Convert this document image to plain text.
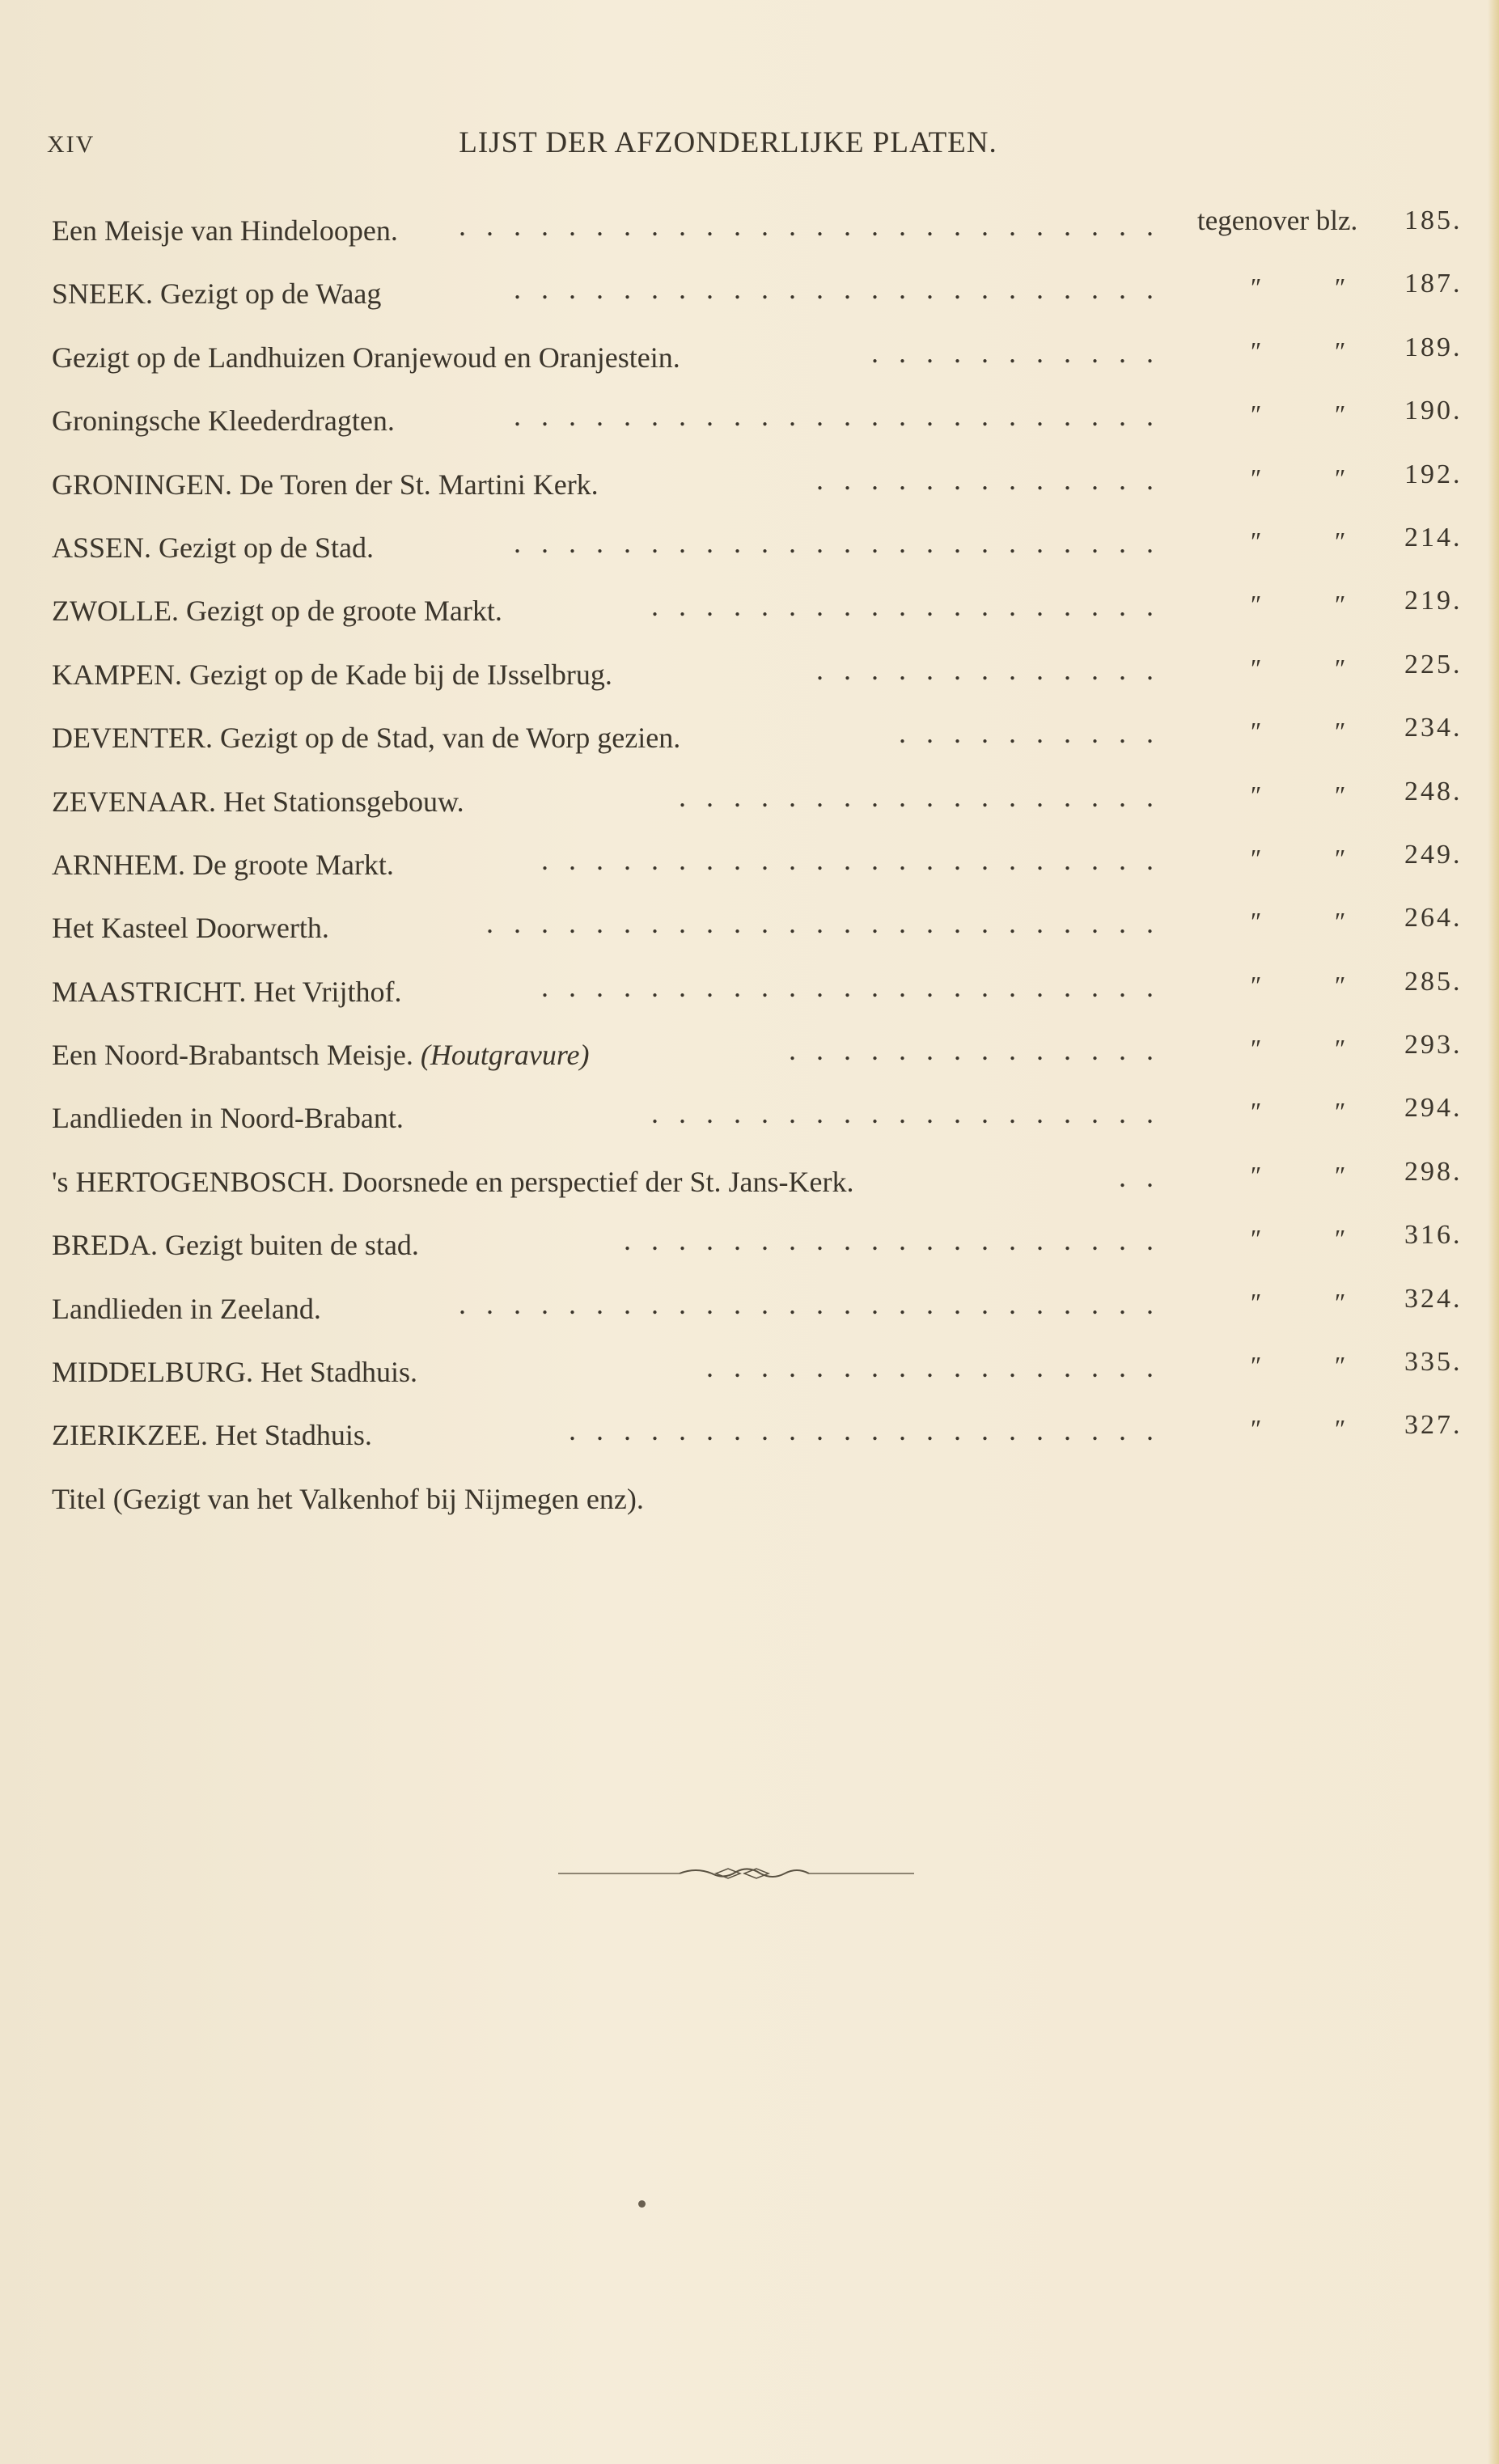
XIV	LIJST DER AFZONDERLIJKE PLATEN.
Een Meisje van Hindeloopen. . . . . . . . . . . . . . . . . . . . . . . . . . . tegenover blz. 185.
SNEEK. Gezigt op de Waag	. . . . . . . . . . . . . . . . . . . . . . . .	″	″ 187.
Gezigt op de Landhuizen Oranjewoud en Oranjestein.	. . . . . . . . . . .	″	″ 189.
Groningsche Kleederdragten.	. . . . . . . . . . . . . . . . . . . . . . . .	″	″ 190.
GRONINGEN. De Toren der St. Martini Kerk.	. . . . . . . . . . . . .	″	″ 192.
ASSEN. Gezigt op de Stad.	. . . . . . . . . . . . . . . . . . . . . . . .	″	″ 214.
ZWOLLE. Gezigt op de groote Markt.	. . . . . . . . . . . . . . . . . . .	″	″ 219.
KAMPEN. Gezigt op de Kade bij de IJsselbrug.	. . . . . . . . . . . . .	″	″ 225.
DEVENTER. Gezigt op de Stad, van de Worp gezien.	. . . . . . . . . .	″	″ 234.
ZEVENAAR. Het Stationsgebouw.	. . . . . . . . . . . . . . . . . .	″	″ 248.
ARNHEM. De groote Markt.	. . . . . . . . . . . . . . . . . . . . . . .	″	″ 249.
Het Kasteel Doorwerth.	. . . . . . . . . . . . . . . . . . . . . . . . .	″	″ 264.
MAASTRICHT. Het Vrijthof.	. . . . . . . . . . . . . . . . . . . . . . .	″	″ 285.
Een Noord-Brabantsch Meisje. (Houtgravure)	. . . . . . . . . . . . . .	″	″ 293.
Landlieden in Noord-Brabant.	. . . . . . . . . . . . . . . . . . .	″	″ 294.
's HERTOGENBOSCH. Doorsnede en perspectief der St. Jans-Kerk.	. .	″	″ 298.
BREDA. Gezigt buiten de stad.	. . . . . . . . . . . . . . . . . . . .	″	″ 316.
Landlieden in Zeeland.	. . . . . . . . . . . . . . . . . . . . . . . . . .	″	″ 324.
MIDDELBURG. Het Stadhuis.	. . . . . . . . . . . . . . . . .	″	″ 335.
ZIERIKZEE. Het Stadhuis.	. . . . . . . . . . . . . . . . . . . . . .	″	″ 327.
Titel (Gezigt van het Valkenhof bij Nijmegen enz).
